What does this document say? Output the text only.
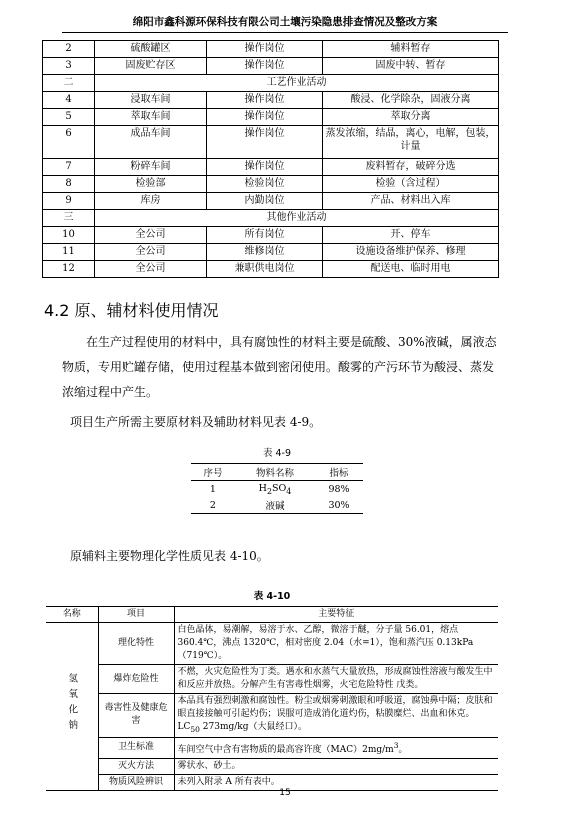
绵阳市鑫科源环保科技有限公司土壤污染隐患排查情况及整改方案
2	硫酸罐区	操作岗位	辅料暂存
3	固废贮存区	操作岗位	固废中转、暂存
二	工艺作业活动		
4	浸取车间	操作岗位	酸浸、化学除杂，固液分离
5	萃取车间	操作岗位	萃取分离
6	成品车间	操作岗位	蒸发浓缩，结晶，离心，电解，包装，计量
7	粉碎车间	操作岗位	废料暂存，破碎分选
8	检验部	检验岗位	检验（含过程）
9	库房	内勤岗位	产品、材料出入库
三	其他作业活动		
10	全公司	所有岗位	开、停车
11	全公司	维修岗位	设施设备维护保养、修理
12	全公司	兼职供电岗位	配送电、临时用电
4.2 原、辅材料使用情况

在生产过程使用的材料中，具有腐蚀性的材料主要是硫酸、30%液碱，属液态物质，专用贮罐存储，使用过程基本做到密闭使用。酸雾的产污环节为酸浸、蒸发浓缩过程中产生。

项目生产所需主要原材料及辅助材料见表 4-9。

表 4-9
序号	物料名称	指标
1	$H_2SO_4$	98%
2	液碱	30%

原辅料主要物理化学性质见表 4-10。

表 4-10
名称	项目	主要特征
氢氧化钠	理化特性	白色晶体，易潮解，易溶于水、乙醇，微溶于醚，分子量 56.01，熔点 360.4℃，沸点 1320℃，相对密度 2.04（水=1），饱和蒸汽压 0.13kPa（719℃）。
	爆炸危险性	不燃，火灾危险性为丁类。遇水和水蒸气大量放热，形成腐蚀性溶液与酸发生中和反应并放热。分解产生有害毒性烟雾，火宅危险特性 戊类。
	毒害性及健康危害	本品具有强烈刺激和腐蚀性。粉尘或烟雾刺激眼和呼吸道，腐蚀鼻中隔；皮肤和眼直接接触可引起灼伤；误服可造成消化道灼伤，粘膜糜烂、出血和休克。$LC_{50}$ 273mg/kg（大鼠经口）。
	卫生标准	车间空气中含有害物质的最高容许度$(MAC)2mg/m^3$。
	灭火方法	雾状水、砂土。
	物质风险辨识	未列入附录 A 所有表中。
15
